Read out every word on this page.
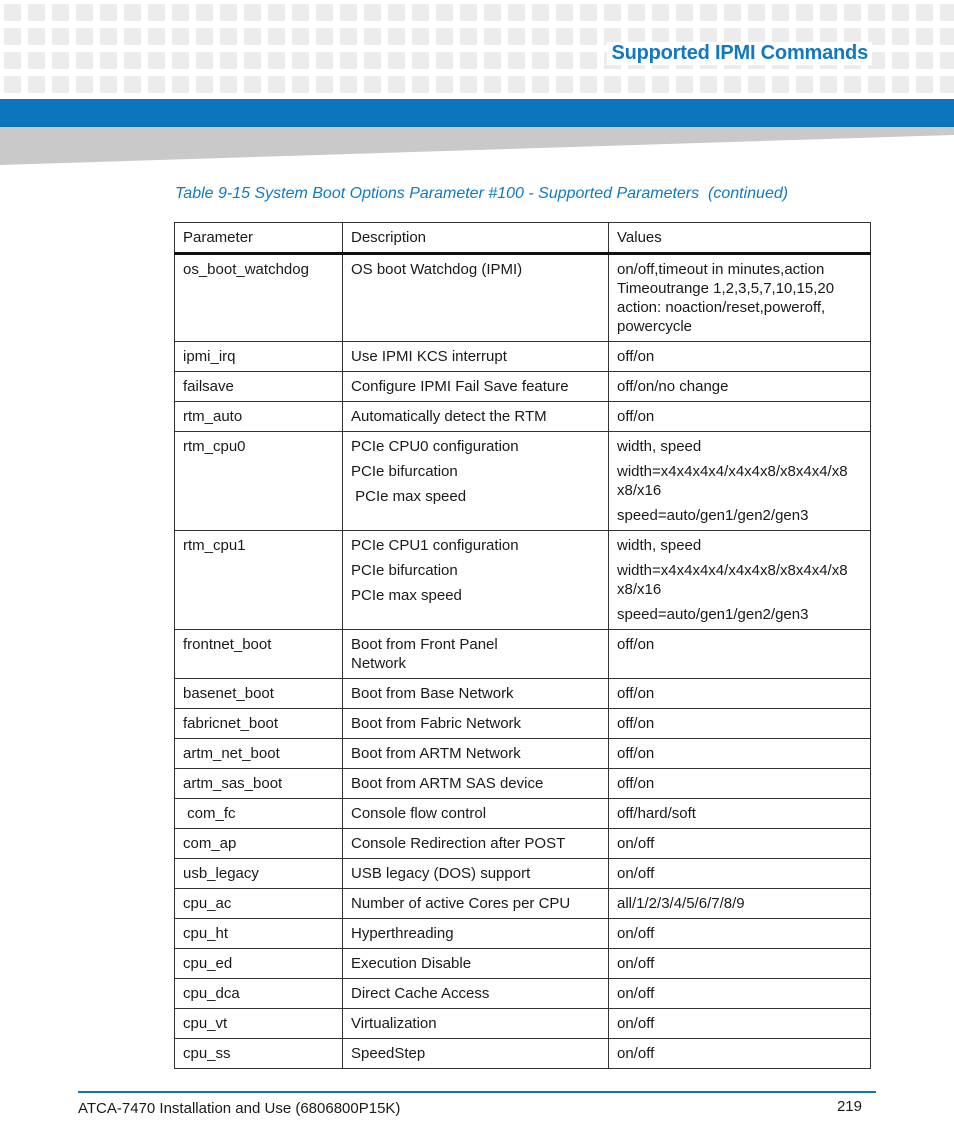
Supported IPMI Commands
Table 9-15 System Boot Options Parameter #100 - Supported Parameters  (continued)
Parameter	Description	Values

os_boot_watchdog	OS boot Watchdog (IPMI)	on/off,timeout in minutes,action
Timeoutrange 1,2,3,5,7,10,15,20
action: noaction/reset,poweroff,
powercycle

ipmi_irq	Use IPMI KCS interrupt	off/on

failsave	Configure IPMI Fail Save feature	off/on/no change

rtm_auto	Automatically detect the RTM	off/on

rtm_cpu0	PCIe CPU0 configuration
PCIe bifurcation
PCIe max speed	width, speed
width=x4x4x4x4/x4x4x8/x8x4x4/x8 x8/x16
speed=auto/gen1/gen2/gen3

rtm_cpu1	PCIe CPU1 configuration
PCIe bifurcation
PCIe max speed	width, speed
width=x4x4x4x4/x4x4x8/x8x4x4/x8 x8/x16
speed=auto/gen1/gen2/gen3

frontnet_boot	Boot from Front Panel
Network	off/on

basenet_boot	Boot from Base Network	off/on

fabricnet_boot	Boot from Fabric Network	off/on

artm_net_boot	Boot from ARTM Network	off/on

artm_sas_boot	Boot from ARTM SAS device	off/on

com_fc	Console flow control	off/hard/soft

com_ap	Console Redirection after POST	on/off

usb_legacy	USB legacy (DOS) support	on/off

cpu_ac	Number of active Cores per CPU	all/1/2/3/4/5/6/7/8/9

cpu_ht	Hyperthreading	on/off

cpu_ed	Execution Disable	on/off

cpu_dca	Direct Cache Access	on/off

cpu_vt	Virtualization	on/off

cpu_ss	SpeedStep	on/off
ATCA-7470 Installation and Use (6806800P15K)	219
